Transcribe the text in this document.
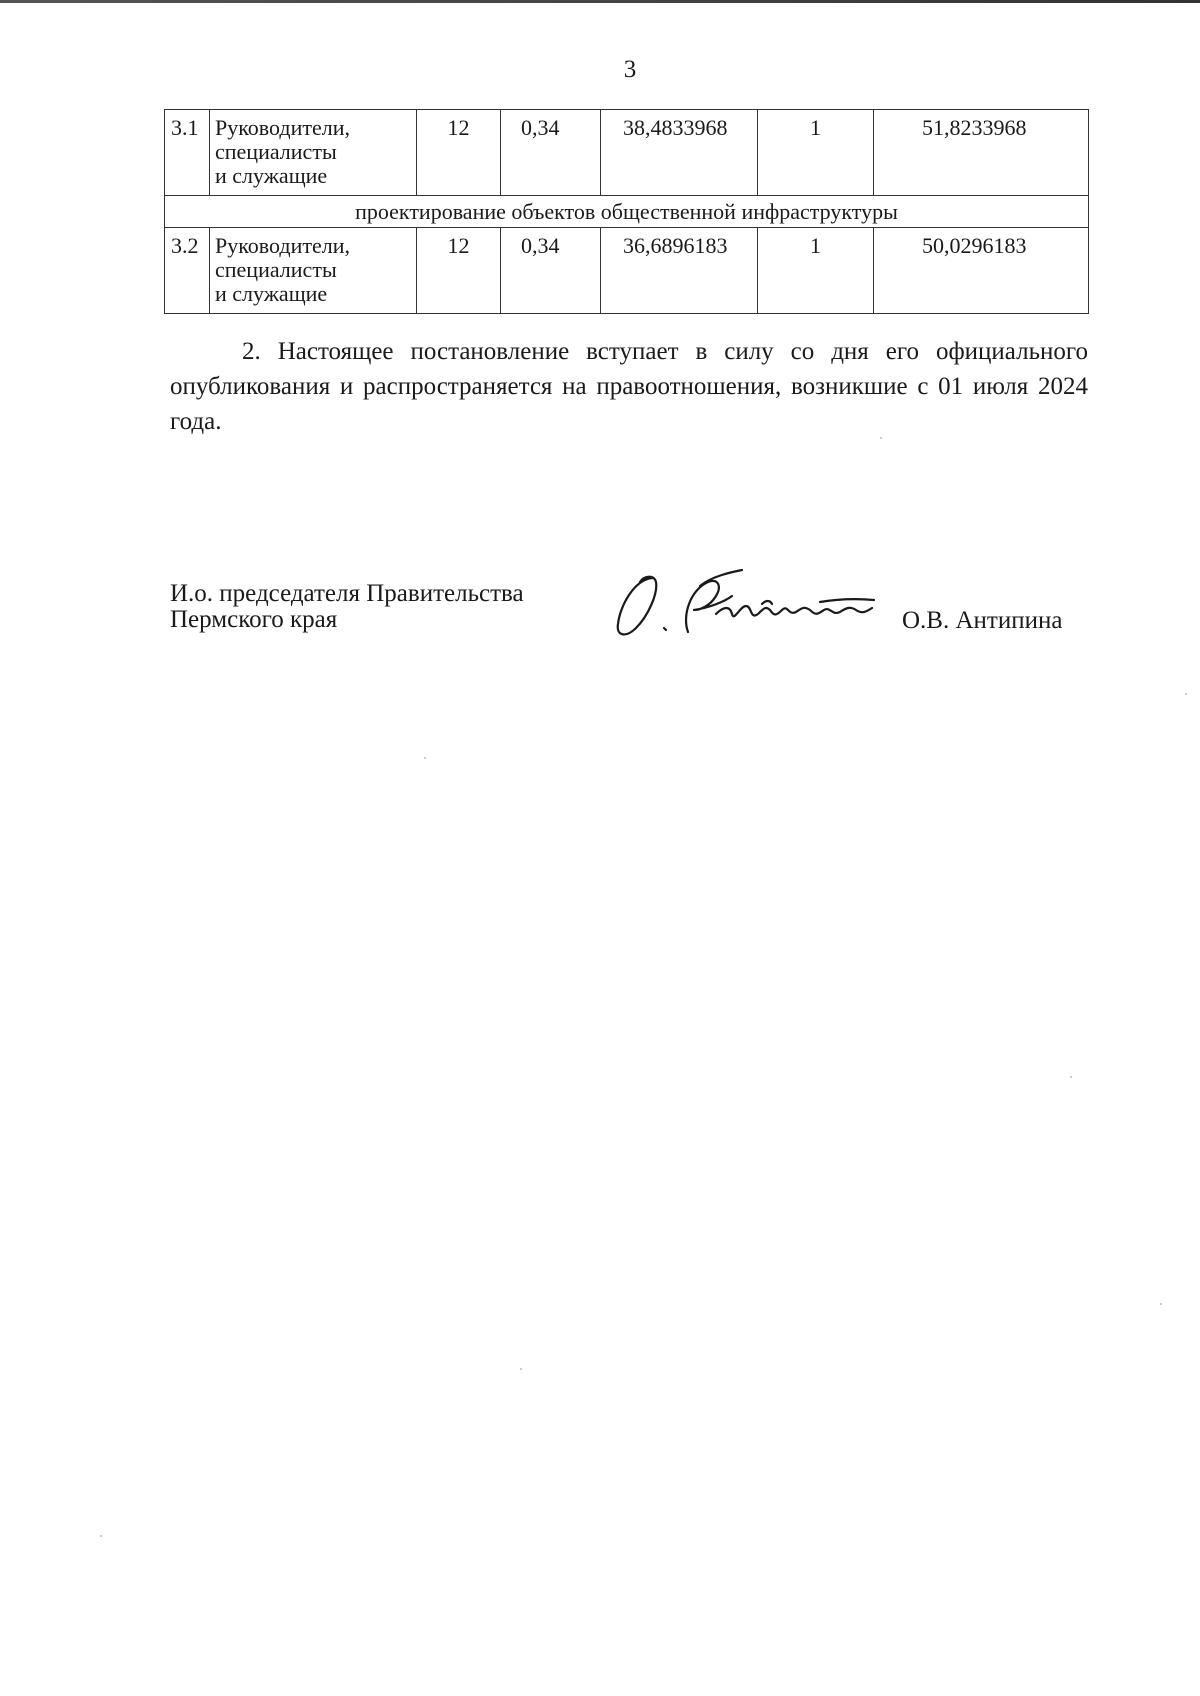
3
3.1	Руководители,
специалисты
и служащие	12	0,34	38,4833968	1	51,8233968
проектирование объектов общественной инфраструктуры						
3.2	Руководители,
специалисты
и служащие	12	0,34	36,6896183	1	50,0296183
2. Настоящее постановление вступает в силу со дня его официального опубликования и распространяется на правоотношения, возникшие с 01 июля 2024 года.
И.о. председателя Правительства
Пермского края	О.В. Антипина
